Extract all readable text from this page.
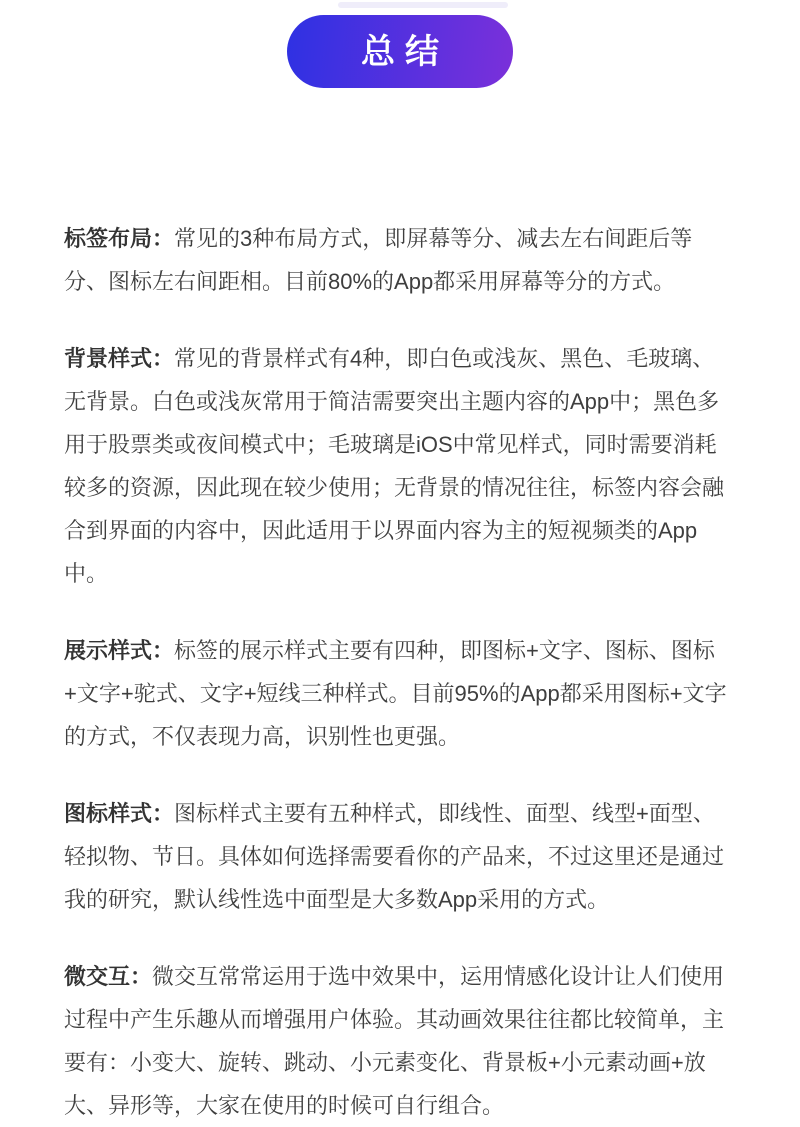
总结

标签布局：常见的3种布局方式，即屏幕等分、减去左右间距后等分、图标左右间距相。目前80%的App都采用屏幕等分的方式。

背景样式：常见的背景样式有4种，即白色或浅灰、黑色、毛玻璃、无背景。白色或浅灰常用于简洁需要突出主题内容的App中；黑色多用于股票类或夜间模式中；毛玻璃是iOS中常见样式，同时需要消耗较多的资源，因此现在较少使用；无背景的情况往往，标签内容会融合到界面的内容中，因此适用于以界面内容为主的短视频类的App中。

展示样式：标签的展示样式主要有四种，即图标+文字、图标、图标+文字+驼式、文字+短线三种样式。目前95%的App都采用图标+文字的方式，不仅表现力高，识别性也更强。

图标样式：图标样式主要有五种样式，即线性、面型、线型+面型、轻拟物、节日。具体如何选择需要看你的产品来，不过这里还是通过我的研究，默认线性选中面型是大多数App采用的方式。

微交互：微交互常常运用于选中效果中，运用情感化设计让人们使用过程中产生乐趣从而增强用户体验。其动画效果往往都比较简单，主要有：小变大、旋转、跳动、小元素变化、背景板+小元素动画+放大、异形等，大家在使用的时候可自行组合。
